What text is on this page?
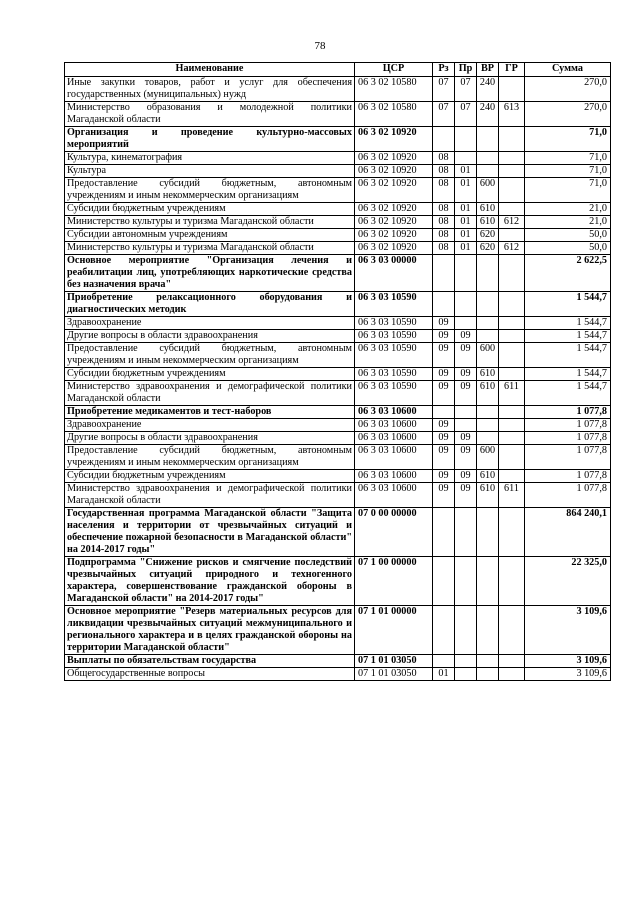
78
Наименование	ЦСР	Рз	Пр	ВР	ГР	Сумма
Иные закупки товаров, работ и услуг для обеспечения государственных (муниципальных) нужд	06 3 02 10580	07	07	240		270,0
Министерство образования и молодежной политики Магаданской области	06 3 02 10580	07	07	240	613	270,0
Организация и проведение культурно-массовых мероприятий	06 3 02 10920					71,0
Культура, кинематография	06 3 02 10920	08				71,0
Культура	06 3 02 10920	08	01			71,0
Предоставление субсидий бюджетным, автономным учреждениям и иным некоммерческим организациям	06 3 02 10920	08	01	600		71,0
Субсидии бюджетным учреждениям	06 3 02 10920	08	01	610		21,0
Министерство культуры и туризма Магаданской области	06 3 02 10920	08	01	610	612	21,0
Субсидии автономным учреждениям	06 3 02 10920	08	01	620		50,0
Министерство культуры и туризма Магаданской области	06 3 02 10920	08	01	620	612	50,0
Основное мероприятие "Организация лечения и реабилитации лиц, употребляющих наркотические средства без назначения врача"	06 3 03 00000					2 622,5
Приобретение релаксационного оборудования и диагностических методик	06 3 03 10590					1 544,7
Здравоохранение	06 3 03 10590	09				1 544,7
Другие вопросы в области здравоохранения	06 3 03 10590	09	09			1 544,7
Предоставление субсидий бюджетным, автономным учреждениям и иным некоммерческим организациям	06 3 03 10590	09	09	600		1 544,7
Субсидии бюджетным учреждениям	06 3 03 10590	09	09	610		1 544,7
Министерство здравоохранения и демографической политики Магаданской области	06 3 03 10590	09	09	610	611	1 544,7
Приобретение медикаментов и тест-наборов	06 3 03 10600					1 077,8
Здравоохранение	06 3 03 10600	09				1 077,8
Другие вопросы в области здравоохранения	06 3 03 10600	09	09			1 077,8
Предоставление субсидий бюджетным, автономным учреждениям и иным некоммерческим организациям	06 3 03 10600	09	09	600		1 077,8
Субсидии бюджетным учреждениям	06 3 03 10600	09	09	610		1 077,8
Министерство здравоохранения и демографической политики Магаданской области	06 3 03 10600	09	09	610	611	1 077,8
Государственная программа Магаданской области "Защита населения и территории от чрезвычайных ситуаций и обеспечение пожарной безопасности в Магаданской области" на 2014-2017 годы"	07 0 00 00000					864 240,1
Подпрограмма "Снижение рисков и смягчение последствий чрезвычайных ситуаций природного и техногенного характера, совершенствование гражданской обороны в Магаданской области" на 2014-2017 годы"	07 1 00 00000					22 325,0
Основное мероприятие "Резерв материальных ресурсов для ликвидации чрезвычайных ситуаций межмуниципального и регионального характера и в целях гражданской обороны на территории Магаданской области"	07 1 01 00000					3 109,6
Выплаты по обязательствам государства	07 1 01 03050					3 109,6
Общегосударственные вопросы	07 1 01 03050	01				3 109,6
